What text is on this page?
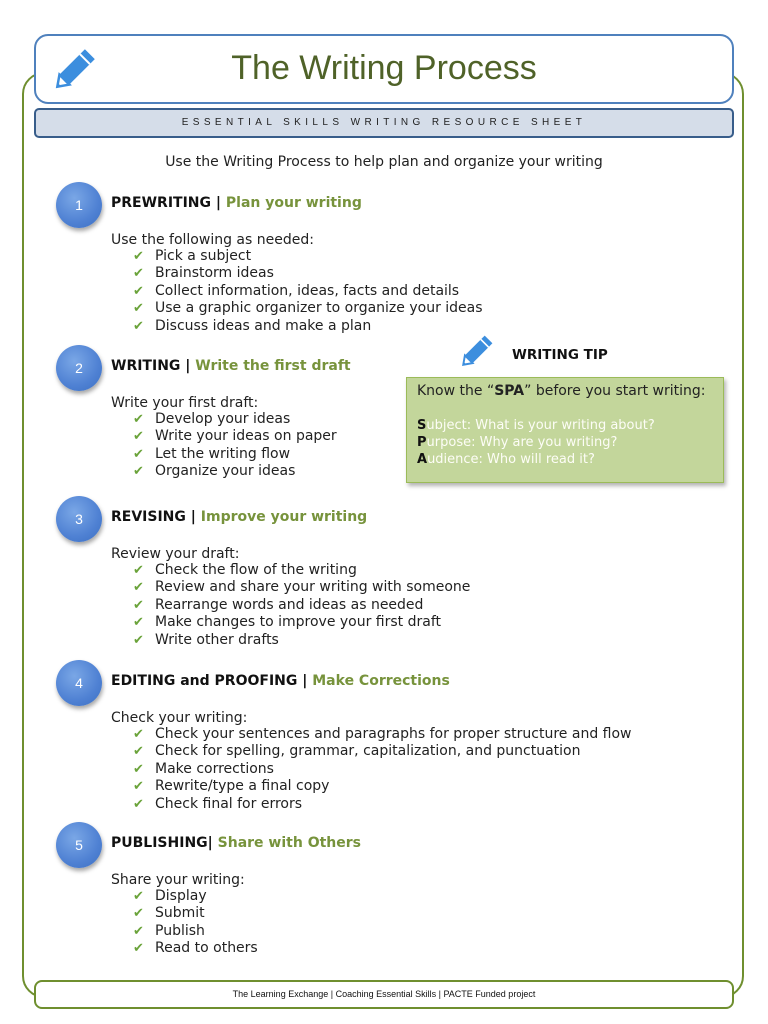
The Writing Process
ESSENTIAL SKILLS WRITING RESOURCE SHEET
Use the Writing Process to help plan and organize your writing
1	PREWRITING | Plan your writing
Use the following as needed:
✔ Pick a subject
✔ Brainstorm ideas
✔ Collect information, ideas, facts and details
✔ Use a graphic organizer to organize your ideas
✔ Discuss ideas and make a plan
2	WRITING | Write the first draft
Write your first draft:
✔ Develop your ideas
✔ Write your ideas on paper
✔ Let the writing flow
✔ Organize your ideas
3	REVISING | Improve your writing
Review your draft:
✔ Check the flow of the writing
✔ Review and share your writing with someone
✔ Rearrange words and ideas as needed
✔ Make changes to improve your first draft
✔ Write other drafts
4	EDITING and PROOFING | Make Corrections
Check your writing:
✔ Check your sentences and paragraphs for proper structure and flow
✔ Check for spelling, grammar, capitalization, and punctuation
✔ Make corrections
✔ Rewrite/type a final copy
✔ Check final for errors
5	PUBLISHING| Share with Others
Share your writing:
✔ Display
✔ Submit
✔ Publish
✔ Read to others
WRITING TIP
Know the “SPA” before you start writing:
Subject: What is your writing about?
Purpose: Why are you writing?
Audience: Who will read it?
The Learning Exchange | Coaching Essential Skills | PACTE Funded project
